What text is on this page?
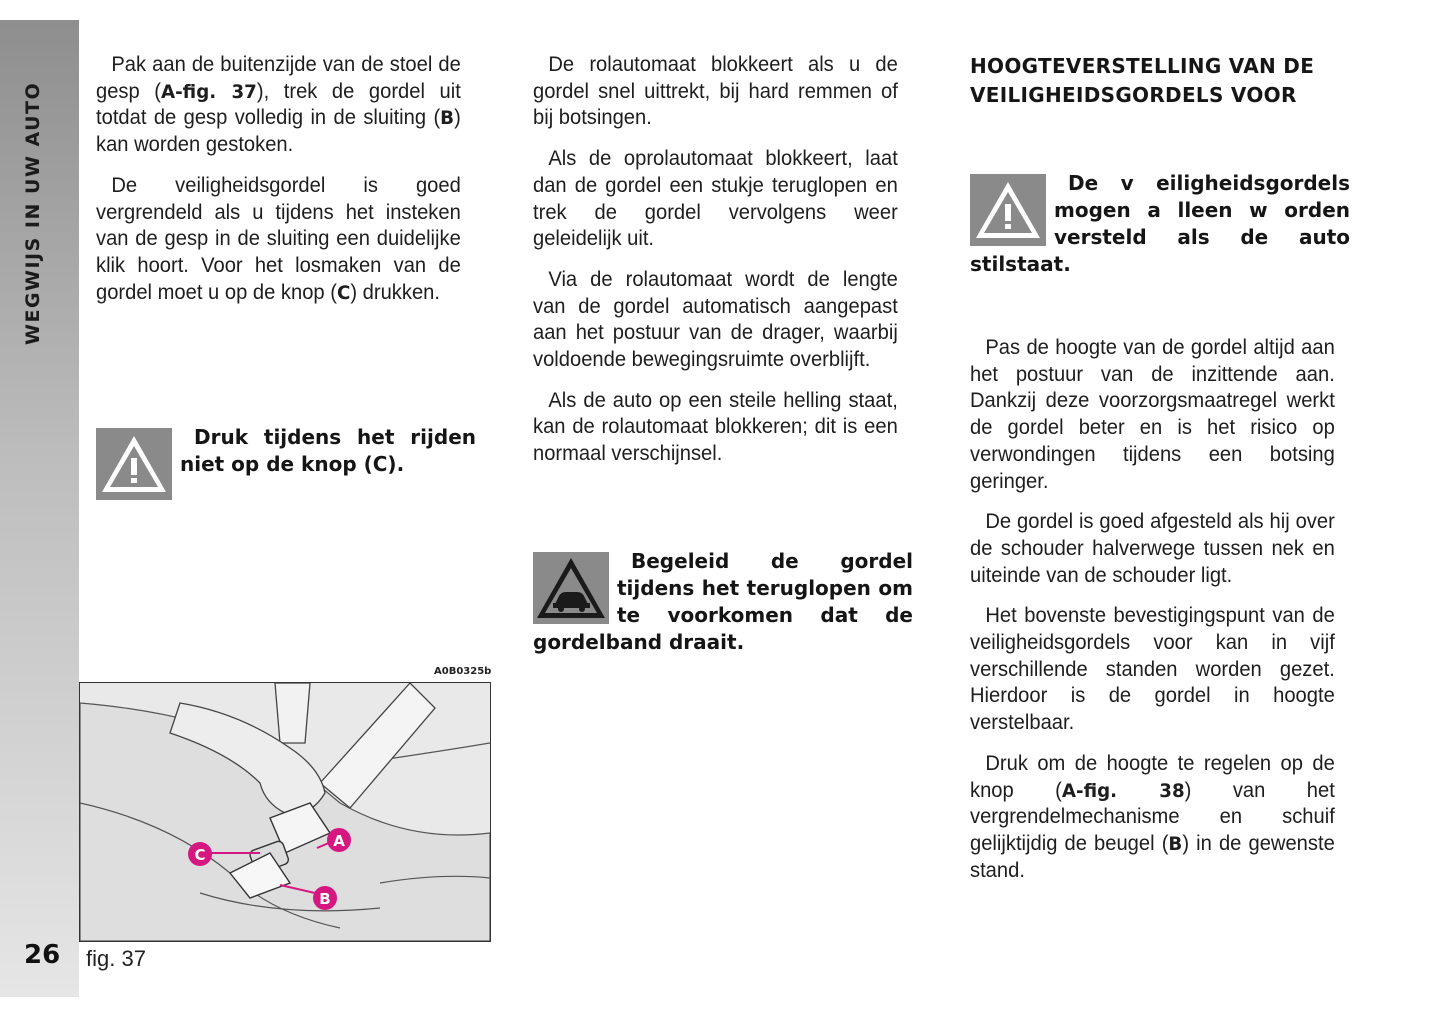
WEGWIJS IN UW AUTO
26

Pak aan de buitenzijde van de stoel de gesp (A-fig. 37), trek de gordel uit totdat de gesp volledig in de sluiting (B) kan worden gestoken.

De veiligheidsgordel is goed vergrendeld als u tijdens het insteken van de gesp in de sluiting een duidelijke klik hoort. Voor het losmaken van de gordel moet u op de knop (C) drukken.

Druk tijdens het rijden niet op de knop (C).

De rolautomaat blokkeert als u de gordel snel uittrekt, bij hard remmen of bij botsingen.

Als de oprolautomaat blokkeert, laat dan de gordel een stukje teruglopen en trek de gordel vervolgens weer geleidelijk uit.

Via de rolautomaat wordt de lengte van de gordel automatisch aangepast aan het postuur van de drager, waarbij voldoende bewegingsruimte overblijft.

Als de auto op een steile helling staat, kan de rolautomaat blokkeren; dit is een normaal verschijnsel.

Begeleid de gordel tijdens het teruglopen om te voorkomen dat de gordelband draait.

HOOGTEVERSTELLING VAN DE
VEILIGHEIDSGORDELS VOOR

De v eiligheidsgordels mogen a lleen w orden versteld als de auto stilstaat.

Pas de hoogte van de gordel altijd aan het postuur van de inzittende aan. Dankzij deze voorzorgsmaatregel werkt de gordel beter en is het risico op verwondingen tijdens een botsing geringer.

De gordel is goed afgesteld als hij over de schouder halverwege tussen nek en uiteinde van de schouder ligt.

Het bovenste bevestigingspunt van de veiligheidsgordels voor kan in vijf verschillende standen worden gezet. Hierdoor is de gordel in hoogte verstelbaar.

Druk om de hoogte te regelen op de knop (A-fig. 38) van het vergrendelmechanisme en schuif gelijktijdig de beugel (B) in de gewenste stand.

A0B0325b
A
C
B
fig. 37
